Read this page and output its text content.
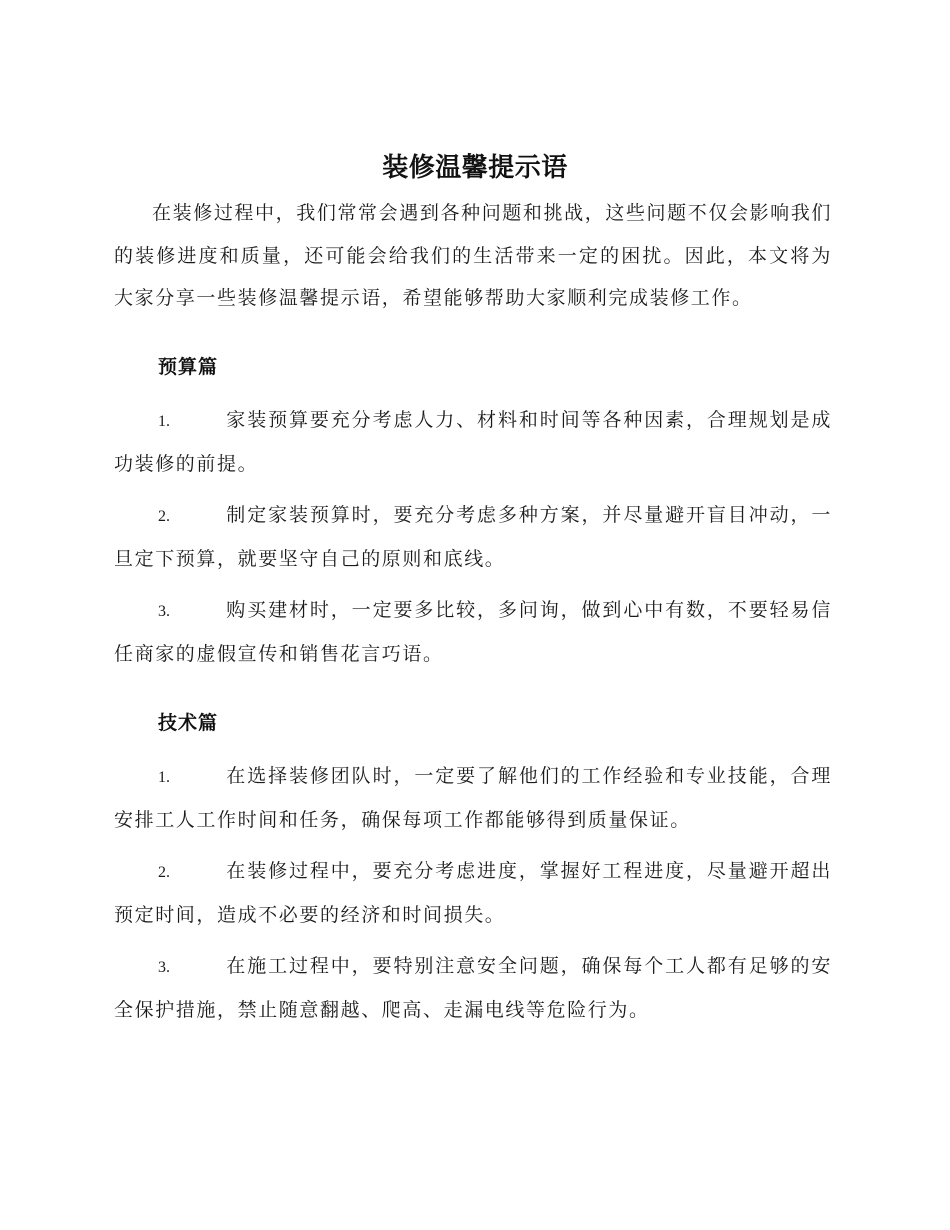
装修温馨提示语

在装修过程中，我们常常会遇到各种问题和挑战，这些问题不仅会影响我们的装修进度和质量，还可能会给我们的生活带来一定的困扰。因此，本文将为大家分享一些装修温馨提示语，希望能够帮助大家顺利完成装修工作。

预算篇

1.	家装预算要充分考虑人力、材料和时间等各种因素，合理规划是成功装修的前提。

2.	制定家装预算时，要充分考虑多种方案，并尽量避开盲目冲动，一旦定下预算，就要坚守自己的原则和底线。

3.	购买建材时，一定要多比较，多问询，做到心中有数，不要轻易信任商家的虚假宣传和销售花言巧语。

技术篇

1.	在选择装修团队时，一定要了解他们的工作经验和专业技能，合理安排工人工作时间和任务，确保每项工作都能够得到质量保证。

2.	在装修过程中，要充分考虑进度，掌握好工程进度，尽量避开超出预定时间，造成不必要的经济和时间损失。

3.	在施工过程中，要特别注意安全问题，确保每个工人都有足够的安全保护措施，禁止随意翻越、爬高、走漏电线等危险行为。
